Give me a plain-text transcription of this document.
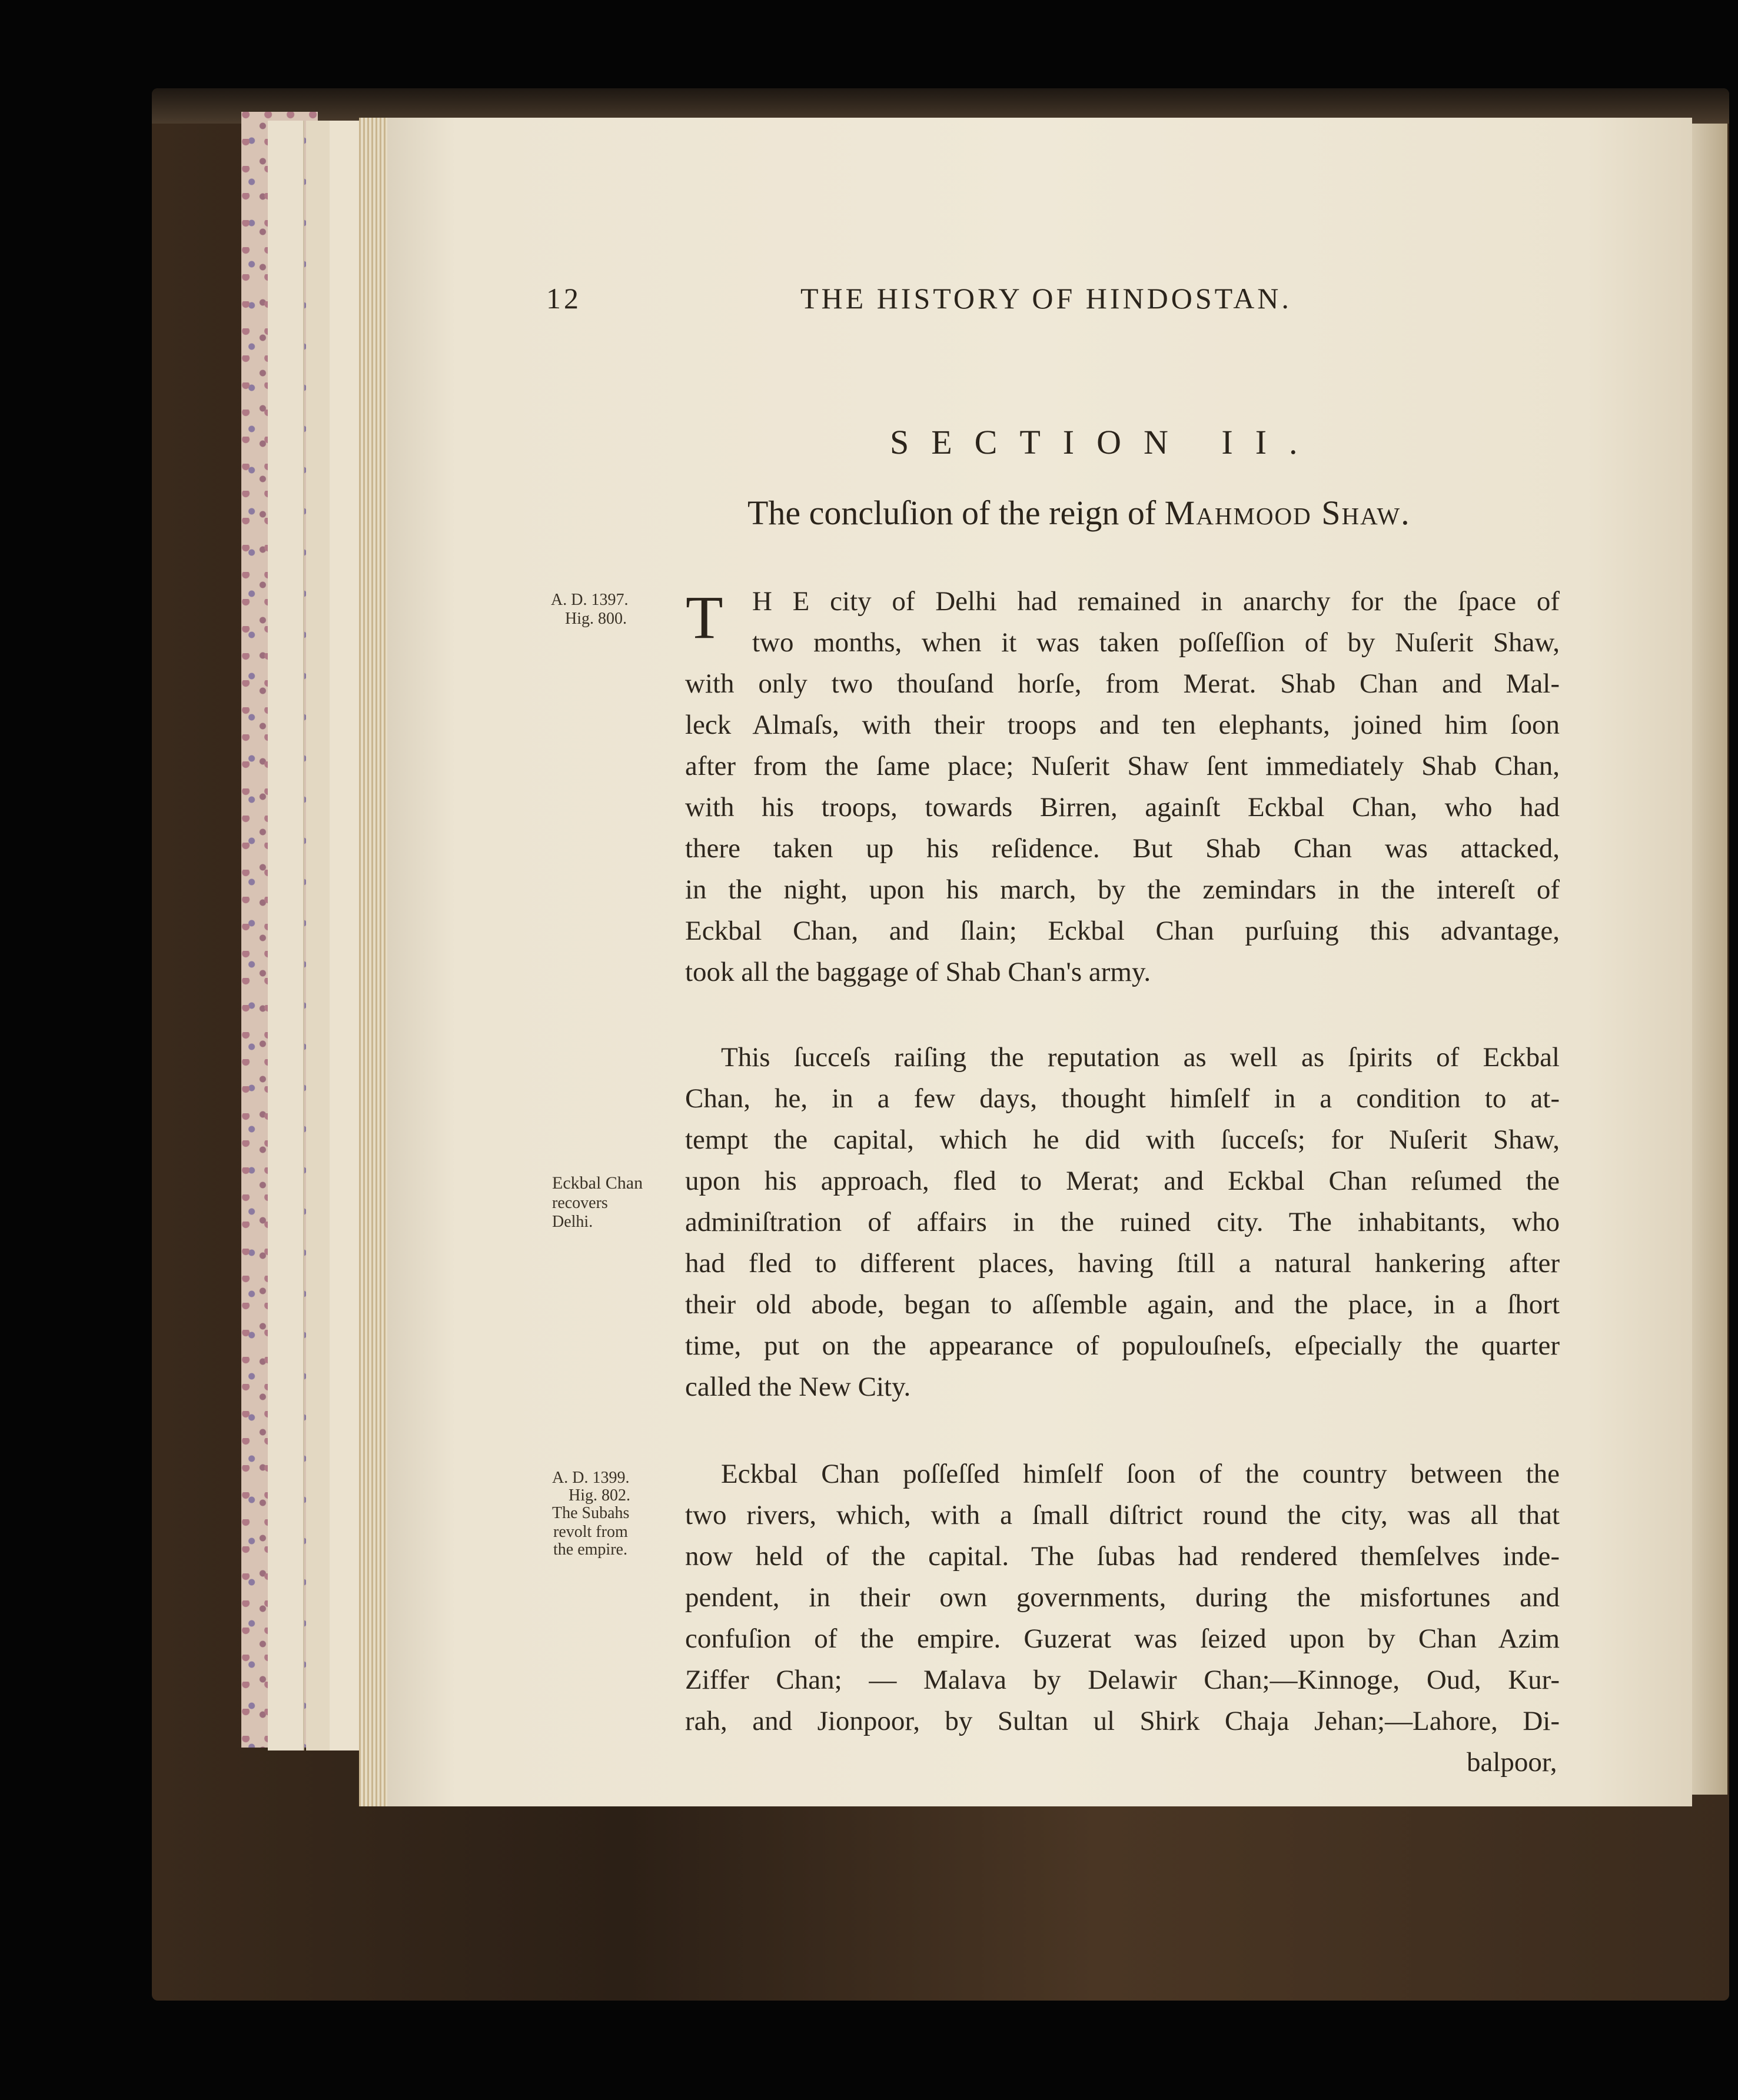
12	THE HISTORY OF HINDOSTAN.
SECTION II.
The concluſion of the reign of Mahmood Shaw.
A. D. 1397.
Hig. 800. T H E city of Delhi had remained in anarchy for the ſpace of
two months, when it was taken poſſeſſion of by Nuſerit Shaw,
with only two thouſand horſe, from Merat. Shab Chan and Mal-
leck Almaſs, with their troops and ten elephants, joined him ſoon
after from the ſame place; Nuſerit Shaw ſent immediately Shab Chan,
with his troops, towards Birren, againſt Eckbal Chan, who had
there taken up his reſidence. But Shab Chan was attacked,
in the night, upon his march, by the zemindars in the intereſt of
Eckbal Chan, and ſlain; Eckbal Chan purſuing this advantage,
took all the baggage of Shab Chan's army.
This ſucceſs raiſing the reputation as well as ſpirits of Eckbal
Chan, he, in a few days, thought himſelf in a condition to at-
tempt the capital, which he did with ſucceſs; for Nuſerit Shaw,
upon his approach, fled to Merat; and Eckbal Chan reſumed the
adminiſtration of affairs in the ruined city. The inhabitants, who
had fled to different places, having ſtill a natural hankering after
their old abode, began to aſſemble again, and the place, in a ſhort
time, put on the appearance of populouſneſs, eſpecially the quarter
called the New City.
Eckbal Chan
recovers
Delhi.
A. D. 1399.
Hig. 802.
The Subahs
revolt from
the empire.
Eckbal Chan poſſeſſed himſelf ſoon of the country between the
two rivers, which, with a ſmall diſtrict round the city, was all that
now held of the capital. The ſubas had rendered themſelves inde-
pendent, in their own governments, during the misfortunes and
confuſion of the empire. Guzerat was ſeized upon by Chan Azim
Ziffer Chan; — Malava by Delawir Chan;—Kinnoge, Oud, Kur-
rah, and Jionpoor, by Sultan ul Shirk Chaja Jehan;—Lahore, Di-
balpoor,
